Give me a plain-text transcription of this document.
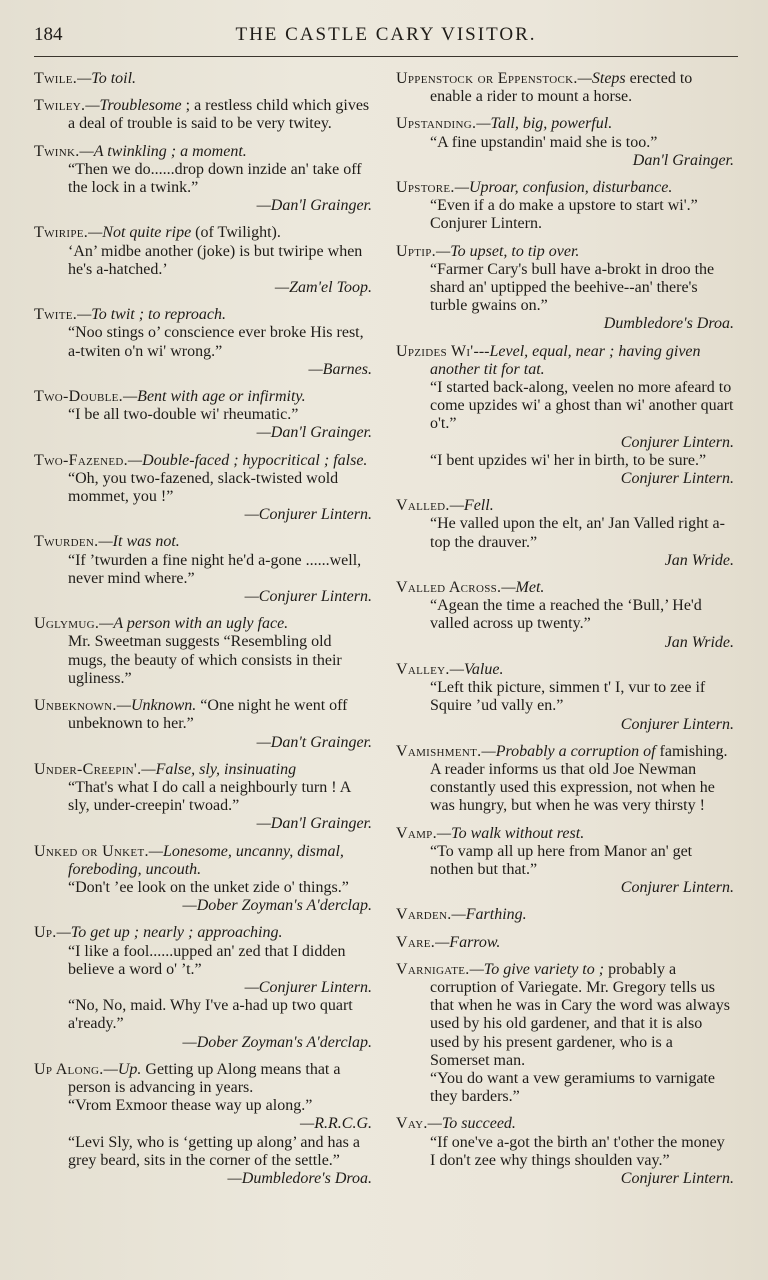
184	THE CASTLE CARY VISITOR.

Twile.—To toil.

Twiley.—Troublesome ; a restless child which gives a deal of trouble is said to be very twitey.

Twink.—A twinkling ; a moment.

“Then we do......drop down inzide an' take off the lock in a twink.”

—Dan'l Grainger.

Twiripe.—Not quite ripe (of Twilight).

‘An’ midbe another (joke) is but twiripe when he's a-hatched.’

—Zam'el Toop.

Twite.—To twit ; to reproach.

“Noo stings o’ conscience ever broke His rest, a-twiten o'n wi' wrong.”

—Barnes.

Two-Double.—Bent with age or infirmity.

“I be all two-double wi' rheumatic.”

—Dan'l Grainger.

Two-Fazened.—Double-faced ; hypocritical ; false.

“Oh, you two-fazened, slack-twisted wold mommet, you !”

—Conjurer Lintern.

Twurden.—It was not.

“If ’twurden a fine night he'd a-gone ......well, never mind where.”

—Conjurer Lintern.

Uglymug.—A person with an ugly face.

Mr. Sweetman suggests “Resembling old mugs, the beauty of which consists in their ugliness.”

Unbeknown.—Unknown. “One night he went off unbeknown to her.”

—Dan't Grainger.

Under-Creepin'.—False, sly, insinuating

“That's what I do call a neighbourly turn ! A sly, under-creepin' twoad.”

—Dan'l Grainger.

Unked or Unket.—Lonesome, uncanny, dismal, foreboding, uncouth.

“Don't ’ee look on the unket zide o' things.”

—Dober Zoyman's A'derclap.

Up.—To get up ; nearly ; approaching.

“I like a fool......upped an' zed that I didden believe a word o' ’t.”

—Conjurer Lintern.

“No, No, maid. Why I've a-had up two quart a'ready.”

—Dober Zoyman's A'derclap.

Up Along.—Up. Getting up Along means that a person is advancing in years.

“Vrom Exmoor thease way up along.”

—R.R.C.G.

“Levi Sly, who is ‘getting up along’ and has a grey beard, sits in the corner of the settle.”

—Dumbledore's Droa.

Uppenstock or Eppenstock.—Steps erected to enable a rider to mount a horse.

Upstanding.—Tall, big, powerful.

“A fine upstandin' maid she is too.”

Dan'l Grainger.

Upstore.—Uproar, confusion, disturbance.

“Even if a do make a upstore to start wi'.” Conjurer Lintern.

Uptip.—To upset, to tip over.

“Farmer Cary's bull have a-brokt in droo the shard an' uptipped the beehive--an' there's turble gwains on.”

Dumbledore's Droa.

Upzides Wi'---Level, equal, near ; having given another tit for tat.

“I started back-along, veelen no more afeard to come upzides wi' a ghost than wi' another quart o't.”

Conjurer Lintern.

“I bent upzides wi' her in birth, to be sure.”

Conjurer Lintern.

Valled.—Fell.

“He valled upon the elt, an' Jan Valled right a-top the drauver.”

Jan Wride.

Valled Across.—Met.

“Agean the time a reached the ‘Bull,’ He'd valled across up twenty.”

Jan Wride.

Valley.—Value.

“Left thik picture, simmen t' I, vur to zee if Squire ’ud vally en.”

Conjurer Lintern.

Vamishment.—Probably a corruption of famishing. A reader informs us that old Joe Newman constantly used this expression, not when he was hungry, but when he was very thirsty !

Vamp.—To walk without rest.

“To vamp all up here from Manor an' get nothen but that.”

Conjurer Lintern.

Varden.—Farthing.

Vare.—Farrow.

Varnigate.—To give variety to ; probably a corruption of Variegate. Mr. Gregory tells us that when he was in Cary the word was always used by his old gardener, and that it is also used by his present gardener, who is a Somerset man.

“You do want a vew geramiums to varnigate they barders.”

Vay.—To succeed.

“If one've a-got the birth an' t'other the money I don't zee why things shoulden vay.”

Conjurer Lintern.
